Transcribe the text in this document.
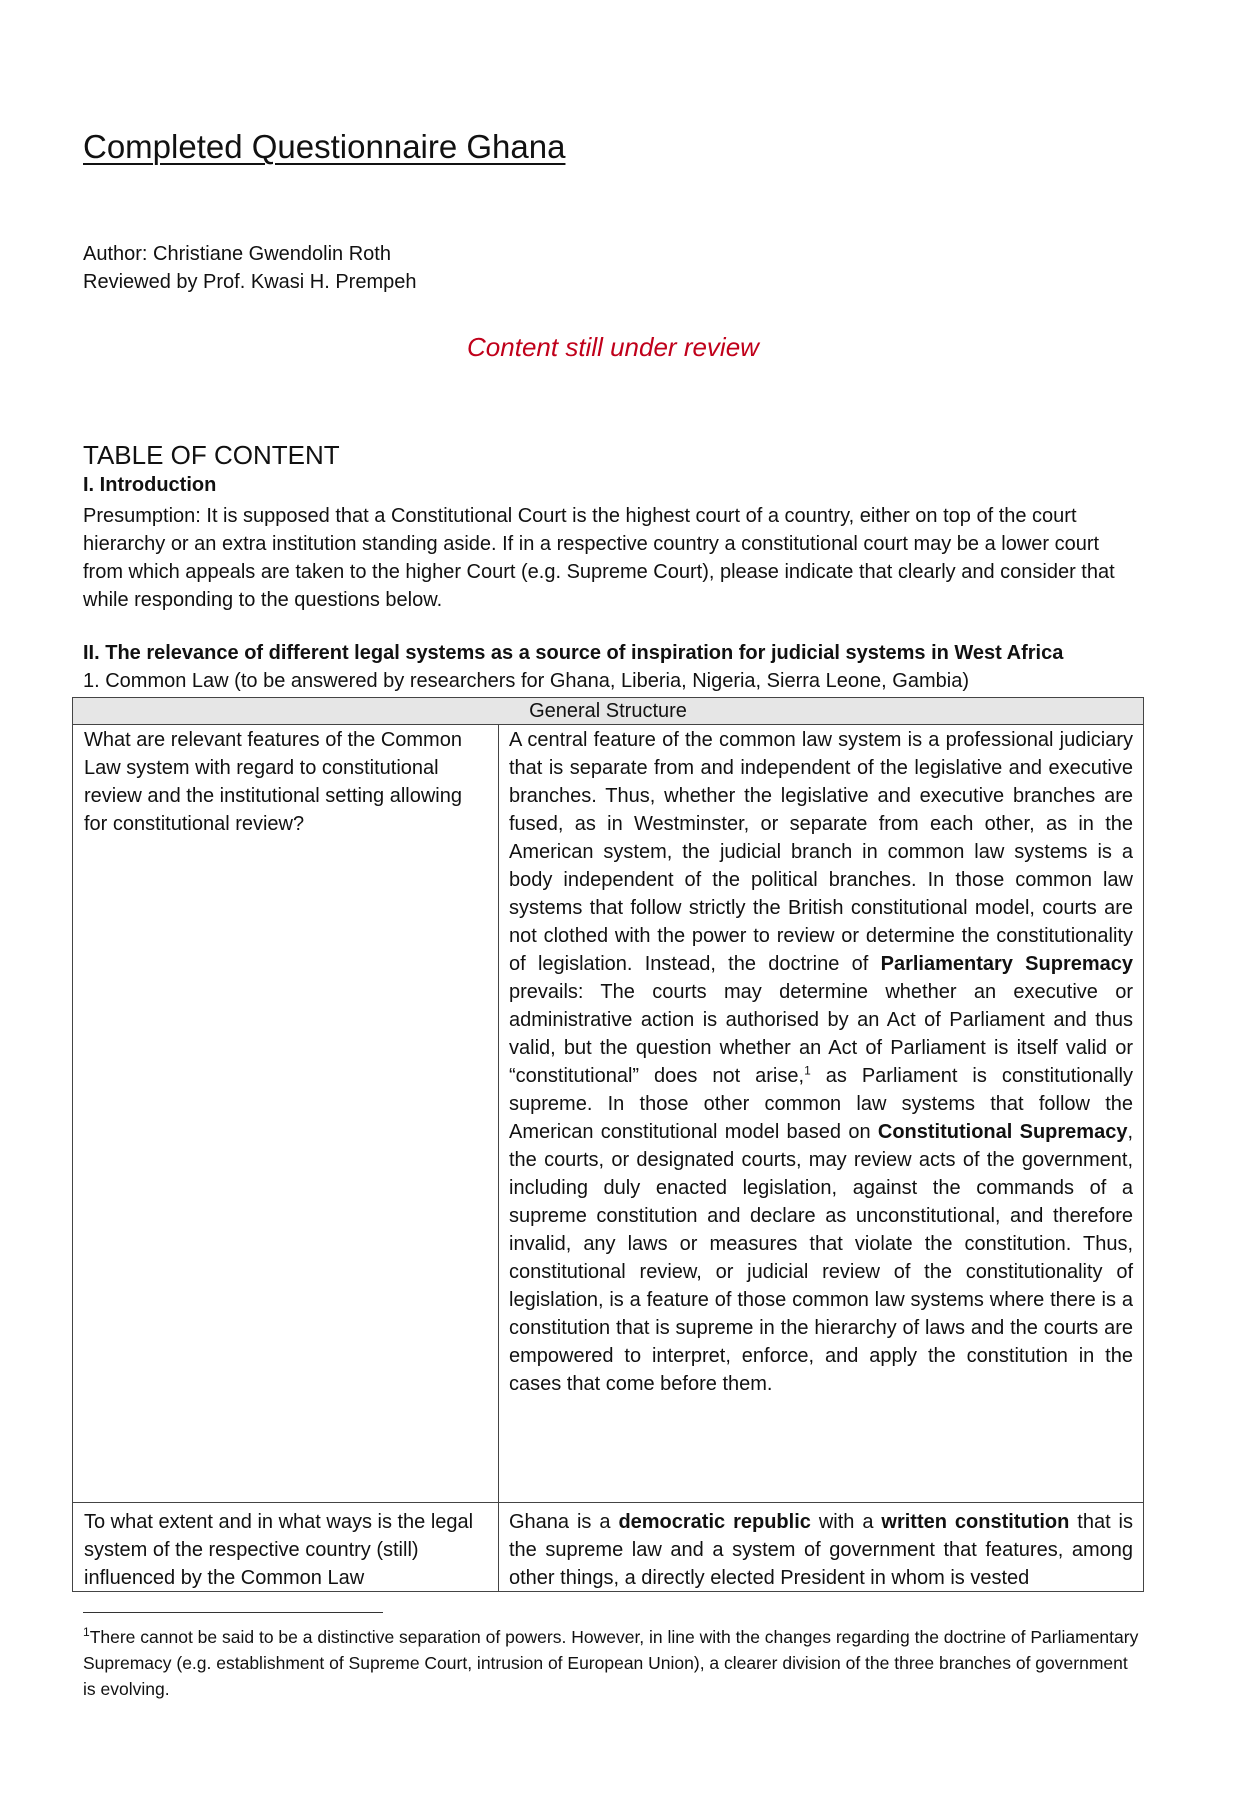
Completed Questionnaire Ghana
Author: Christiane Gwendolin Roth
Reviewed by Prof. Kwasi H. Prempeh
Content still under review
TABLE OF CONTENT
I. Introduction
Presumption: It is supposed that a Constitutional Court is the highest court of a country, either on top of the court hierarchy or an extra institution standing aside. If in a respective country a constitutional court may be a lower court from which appeals are taken to the higher Court (e.g. Supreme Court), please indicate that clearly and consider that while responding to the questions below.
II. The relevance of different legal systems as a source of inspiration for judicial systems in West Africa
1. Common Law (to be answered by researchers for Ghana, Liberia, Nigeria, Sierra Leone, Gambia)
General Structure
What are relevant features of the Common Law system with regard to constitutional review and the institutional setting allowing for constitutional review?
A central feature of the common law system is a professional judiciary that is separate from and independent of the legislative and executive branches. Thus, whether the legislative and executive branches are fused, as in Westminster, or separate from each other, as in the American system, the judicial branch in common law systems is a body independent of the political branches. In those common law systems that follow strictly the British constitutional model, courts are not clothed with the power to review or determine the constitutionality of legislation. Instead, the doctrine of Parliamentary Supremacy prevails: The courts may determine whether an executive or administrative action is authorised by an Act of Parliament and thus valid, but the question whether an Act of Parliament is itself valid or “constitutional” does not arise,$^1$ as Parliament is constitutionally supreme. In those other common law systems that follow the American constitutional model based on Constitutional Supremacy, the courts, or designated courts, may review acts of the government, including duly enacted legislation, against the commands of a supreme constitution and declare as unconstitutional, and therefore invalid, any laws or measures that violate the constitution. Thus, constitutional review, or judicial review of the constitutionality of legislation, is a feature of those common law systems where there is a constitution that is supreme in the hierarchy of laws and the courts are empowered to interpret, enforce, and apply the constitution in the cases that come before them.
To what extent and in what ways is the legal system of the respective country (still) influenced by the Common Law
Ghana is a democratic republic with a written constitution that is the supreme law and a system of government that features, among other things, a directly elected President in whom is vested
$^1$There cannot be said to be a distinctive separation of powers. However, in line with the changes regarding the doctrine of Parliamentary Supremacy (e.g. establishment of Supreme Court, intrusion of European Union), a clearer division of the three branches of government is evolving.
